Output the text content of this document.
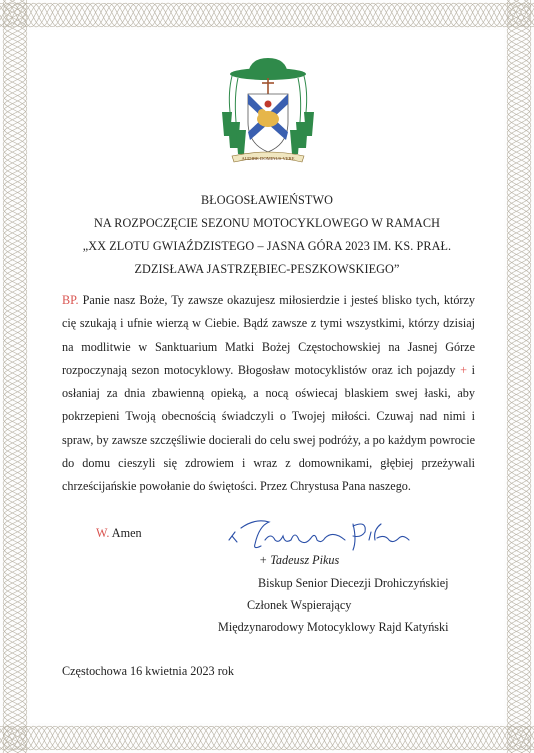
AUDIRE DOMINUS VERE
BŁOGOSŁAWIEŃSTWO
NA ROZPOCZĘCIE SEZONU MOTOCYKLOWEGO W RAMACH
„XX ZLOTU GWIAŹDZISTEGO – JASNA GÓRA 2023 IM. KS. PRAŁ.
ZDZISŁAWA JASTRZĘBIEC-PESZKOWSKIEGO”
BP. Panie nasz Boże, Ty zawsze okazujesz miłosierdzie i jesteś blisko tych, którzy cię szukają i ufnie wierzą w Ciebie. Bądź zawsze z tymi wszystkimi, którzy dzisiaj na modlitwie w Sanktuarium Matki Bożej Częstochowskiej na Jasnej Górze rozpoczynają sezon motocyklowy. Błogosław motocyklistów oraz ich pojazdy + i osłaniaj za dnia zbawienną opieką, a nocą oświecaj blaskiem swej łaski, aby pokrzepieni Twoją obecnością świadczyli o Twojej miłości. Czuwaj nad nimi i spraw, by zawsze szczęśliwie docierali do celu swej podróży, a po każdym powrocie do domu cieszyli się zdrowiem i wraz z domownikami, głębiej przeżywali chrześcijańskie powołanie do świętości. Przez Chrystusa Pana naszego.
W. Amen
+ Tadeusz Pikus
Biskup Senior Diecezji Drohiczyńskiej
Członek Wspierający
Międzynarodowy Motocyklowy Rajd Katyński
Częstochowa 16 kwietnia 2023 rok
